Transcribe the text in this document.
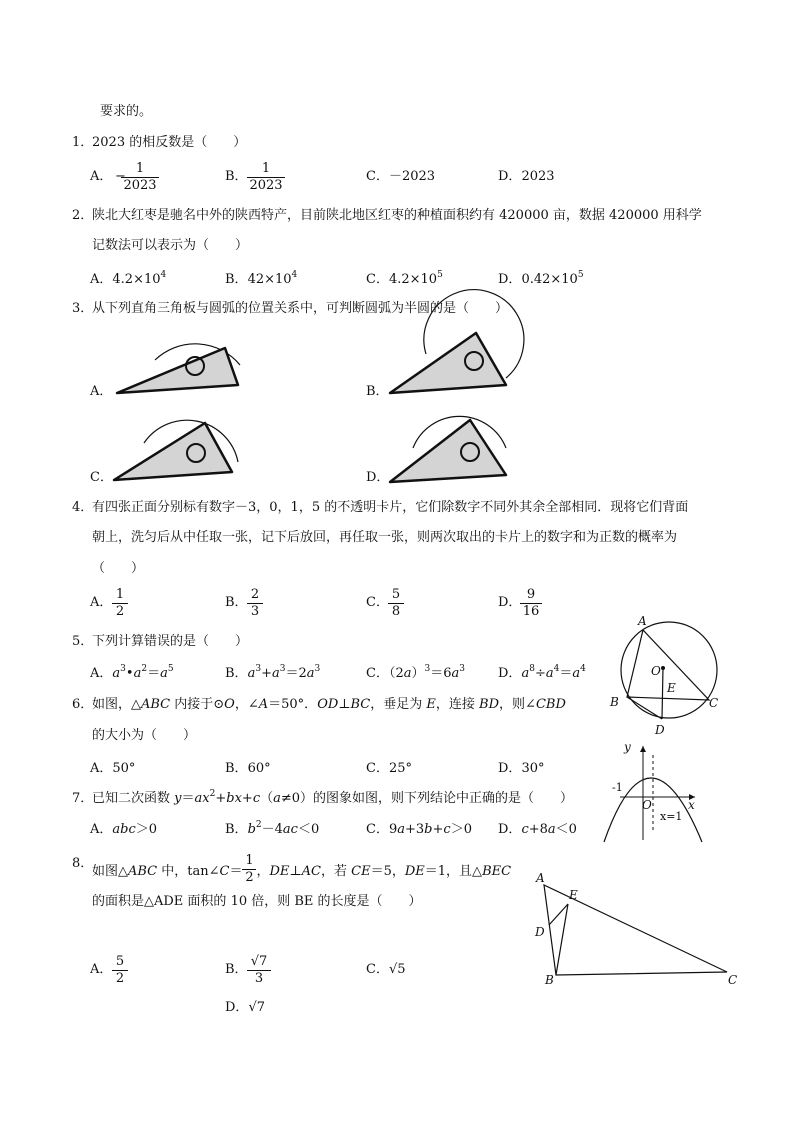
要求的。
1．
2023 的相反数是（　　）
A． −
$\frac{1}{2023}$	B． $\frac{1}{2023}$	C．－2023	D．2023
2．
陕北大红枣是驰名中外的陕西特产，目前陕北地区红枣的种植面积约有 420000 亩，数据 420000 用科学
记数法可以表示为（　　）
A．$4.2\times 10^4$	B．$42\times 10^4$	C．$4.2\times 10^5$	D．$0.42\times 10^5$
3．
从下列直角三角板与圆弧的位置关系中，可判断圆弧为半圆的是（　　）
A．	B．
C．	D．
4．
有四张正面分别标有数字－3，0，1，5 的不透明卡片，它们除数字不同外其余全部相同．现将它们背面
朝上，洗匀后从中任取一张，记下后放回，再任取一张，则两次取出的卡片上的数字和为正数的概率为
（　　）
A． $\frac{1}{2}$	B． $\frac{2}{3}$	C． $\frac{5}{8}$	D．
$\frac{9}{16}$
5．
下列计算错误的是（　　）
A．$a^3•a^2=a^5$	B．$a^3+a^3=2a^3$	C．$(2a)^3=6a^3$	D．$a^8\div a^4=a^4$
6．
如图，△ABC 内接于⊙O，∠A＝50°．OD⊥BC，垂足为 E，连接 BD，则∠CBD
的大小为（　　）
A．50°	B．60°	C．25°	D．30°
A
O
E
B	C
D
7．
已知二次函数 $y=ax^2+bx+c(a\ne 0)$的图象如图，则下列结论中正确的是（　　）
A．abc＞0	B．$b^2-4ac<0$	C．9a+3b+c＞0 D．c+8a＜0
y
-1
O	x
x=1
8．
如图△ABC 中，tan∠C＝ $\frac{1}{2}$ ，DE⊥AC，若 CE＝5，DE＝1，且△BEC
的面积是△ADE 面积的 10 倍，则 BE 的长度是（　　）
A． $\frac{5}{2}$	B． $\frac{√7}{3}$	C．√5
D．√7
A
E
D
B	C
